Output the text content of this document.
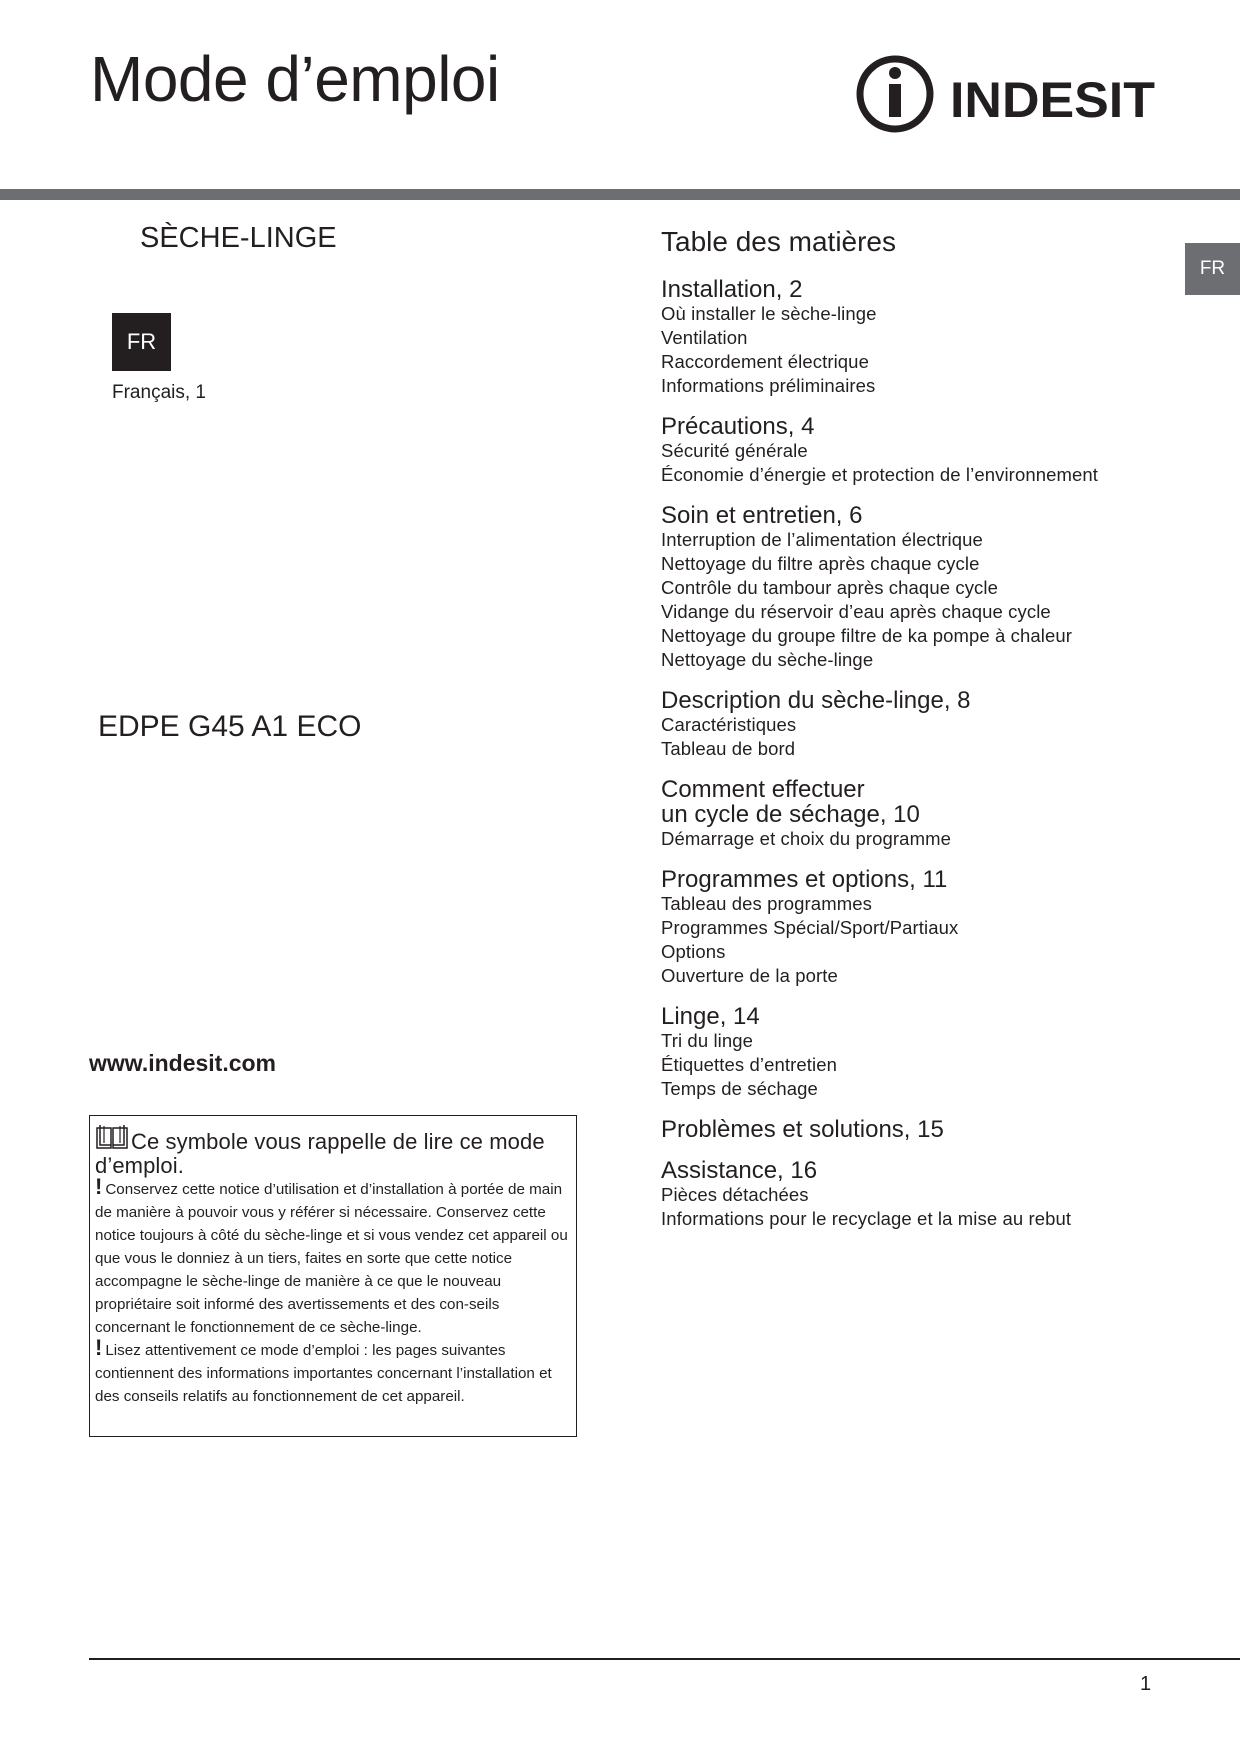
Mode d’emploi	INDESIT
FR
SÈCHE-LINGE
FR
Français, 1
EDPE G45 A1 ECO
www.indesit.com
Ce symbole vous rappelle de lire ce mode d’emploi.
! Conservez cette notice d’utilisation et d’installation à portée de main de manière à pouvoir vous y référer si nécessaire. Conservez cette notice toujours à côté du sèche-linge et si vous vendez cet appareil ou que vous le donniez à un tiers, faites en sorte que cette notice accompagne le sèche-linge de manière à ce que le nouveau propriétaire soit informé des avertissements et des con-seils concernant le fonctionnement de ce sèche-linge.
! Lisez attentivement ce mode d’emploi : les pages suivantes contiennent des informations importantes concernant l’installation et des conseils relatifs au fonctionnement de cet appareil.
Table des matières
Installation, 2
Où installer le sèche-linge
Ventilation
Raccordement électrique
Informations préliminaires
Précautions, 4
Sécurité générale
Économie d’énergie et protection de l’environnement
Soin et entretien, 6
Interruption de l’alimentation électrique
Nettoyage du filtre après chaque cycle
Contrôle du tambour après chaque cycle
Vidange du réservoir d’eau après chaque cycle
Nettoyage du groupe filtre de ka pompe à chaleur
Nettoyage du sèche-linge
Description du sèche-linge, 8
Caractéristiques
Tableau de bord
Comment effectuer
un cycle de séchage, 10
Démarrage et choix du programme
Programmes et options, 11
Tableau des programmes
Programmes Spécial/Sport/Partiaux
Options
Ouverture de la porte
Linge, 14
Tri du linge
Étiquettes d’entretien
Temps de séchage
Problèmes et solutions, 15
Assistance, 16
Pièces détachées
Informations pour le recyclage et la mise au rebut
1
